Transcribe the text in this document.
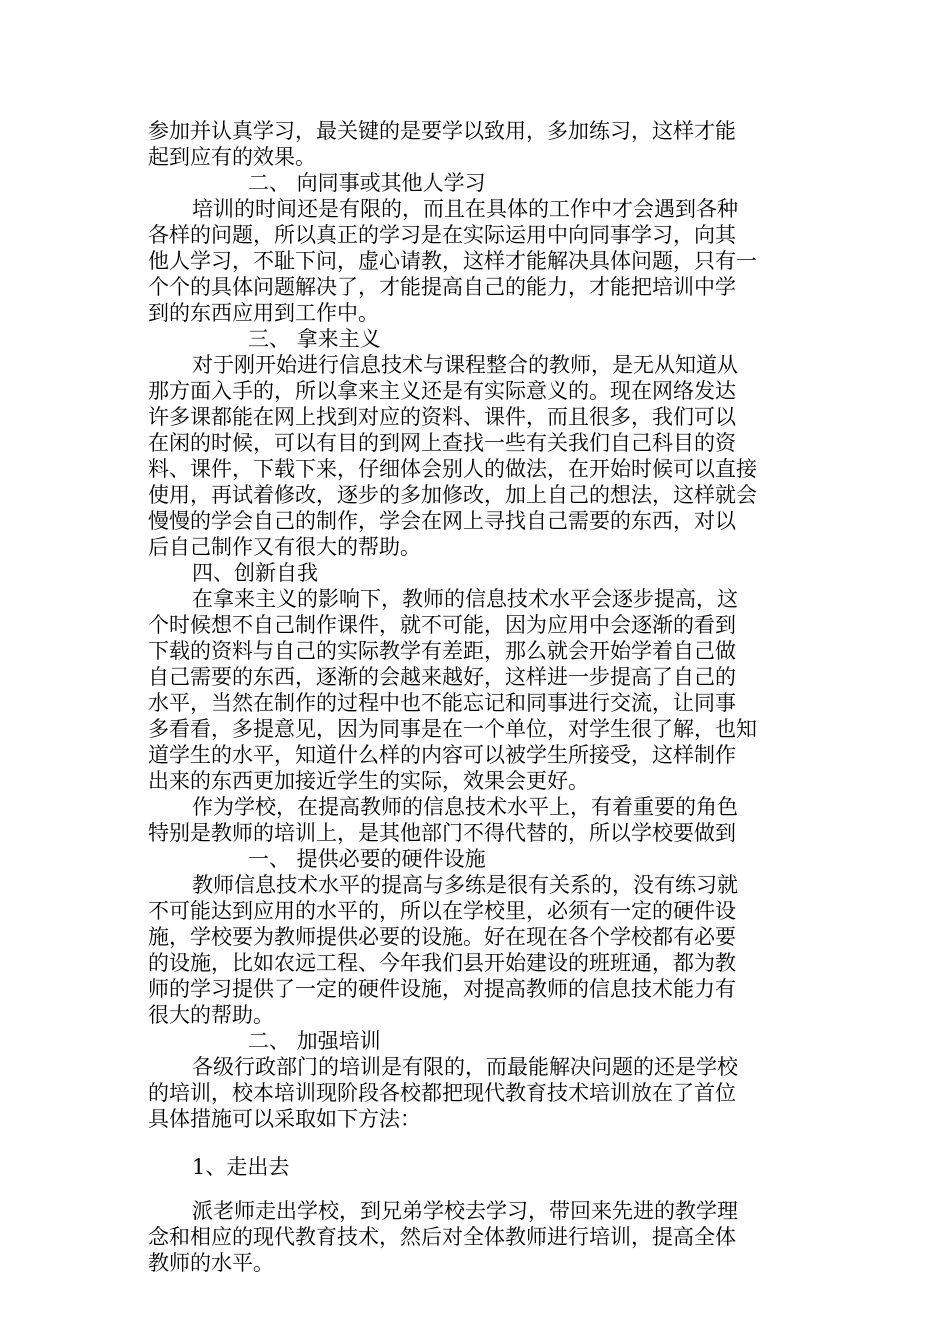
参加并认真学习，最关键的是要学以致用，多加练习，这样才能
起到应有的效果。
二、 向同事或其他人学习
培训的时间还是有限的，而且在具体的工作中才会遇到各种
各样的问题，所以真正的学习是在实际运用中向同事学习，向其
他人学习，不耻下问，虚心请教，这样才能解决具体问题，只有一
个个的具体问题解决了，才能提高自己的能力，才能把培训中学
到的东西应用到工作中。
三、 拿来主义
对于刚开始进行信息技术与课程整合的教师，是无从知道从
那方面入手的，所以拿来主义还是有实际意义的。现在网络发达
许多课都能在网上找到对应的资料、课件，而且很多，我们可以
在闲的时候，可以有目的到网上查找一些有关我们自己科目的资
料、课件，下载下来，仔细体会别人的做法，在开始时候可以直接
使用，再试着修改，逐步的多加修改，加上自己的想法，这样就会
慢慢的学会自己的制作，学会在网上寻找自己需要的东西，对以
后自己制作又有很大的帮助。
四、创新自我
在拿来主义的影响下，教师的信息技术水平会逐步提高，这
个时候想不自己制作课件，就不可能，因为应用中会逐渐的看到
下载的资料与自己的实际教学有差距，那么就会开始学着自己做
自己需要的东西，逐渐的会越来越好，这样进一步提高了自己的
水平，当然在制作的过程中也不能忘记和同事进行交流，让同事
多看看，多提意见，因为同事是在一个单位，对学生很了解，也知
道学生的水平，知道什么样的内容可以被学生所接受，这样制作
出来的东西更加接近学生的实际，效果会更好。
作为学校，在提高教师的信息技术水平上，有着重要的角色
特别是教师的培训上，是其他部门不得代替的，所以学校要做到
一、 提供必要的硬件设施
教师信息技术水平的提高与多练是很有关系的，没有练习就
不可能达到应用的水平的，所以在学校里，必须有一定的硬件设
施，学校要为教师提供必要的设施。好在现在各个学校都有必要
的设施，比如农远工程、今年我们县开始建设的班班通，都为教
师的学习提供了一定的硬件设施，对提高教师的信息技术能力有
很大的帮助。
二、 加强培训
各级行政部门的培训是有限的，而最能解决问题的还是学校
的培训，校本培训现阶段各校都把现代教育技术培训放在了首位
具体措施可以采取如下方法：
1、走出去
派老师走出学校，到兄弟学校去学习，带回来先进的教学理
念和相应的现代教育技术，然后对全体教师进行培训，提高全体
教师的水平。
